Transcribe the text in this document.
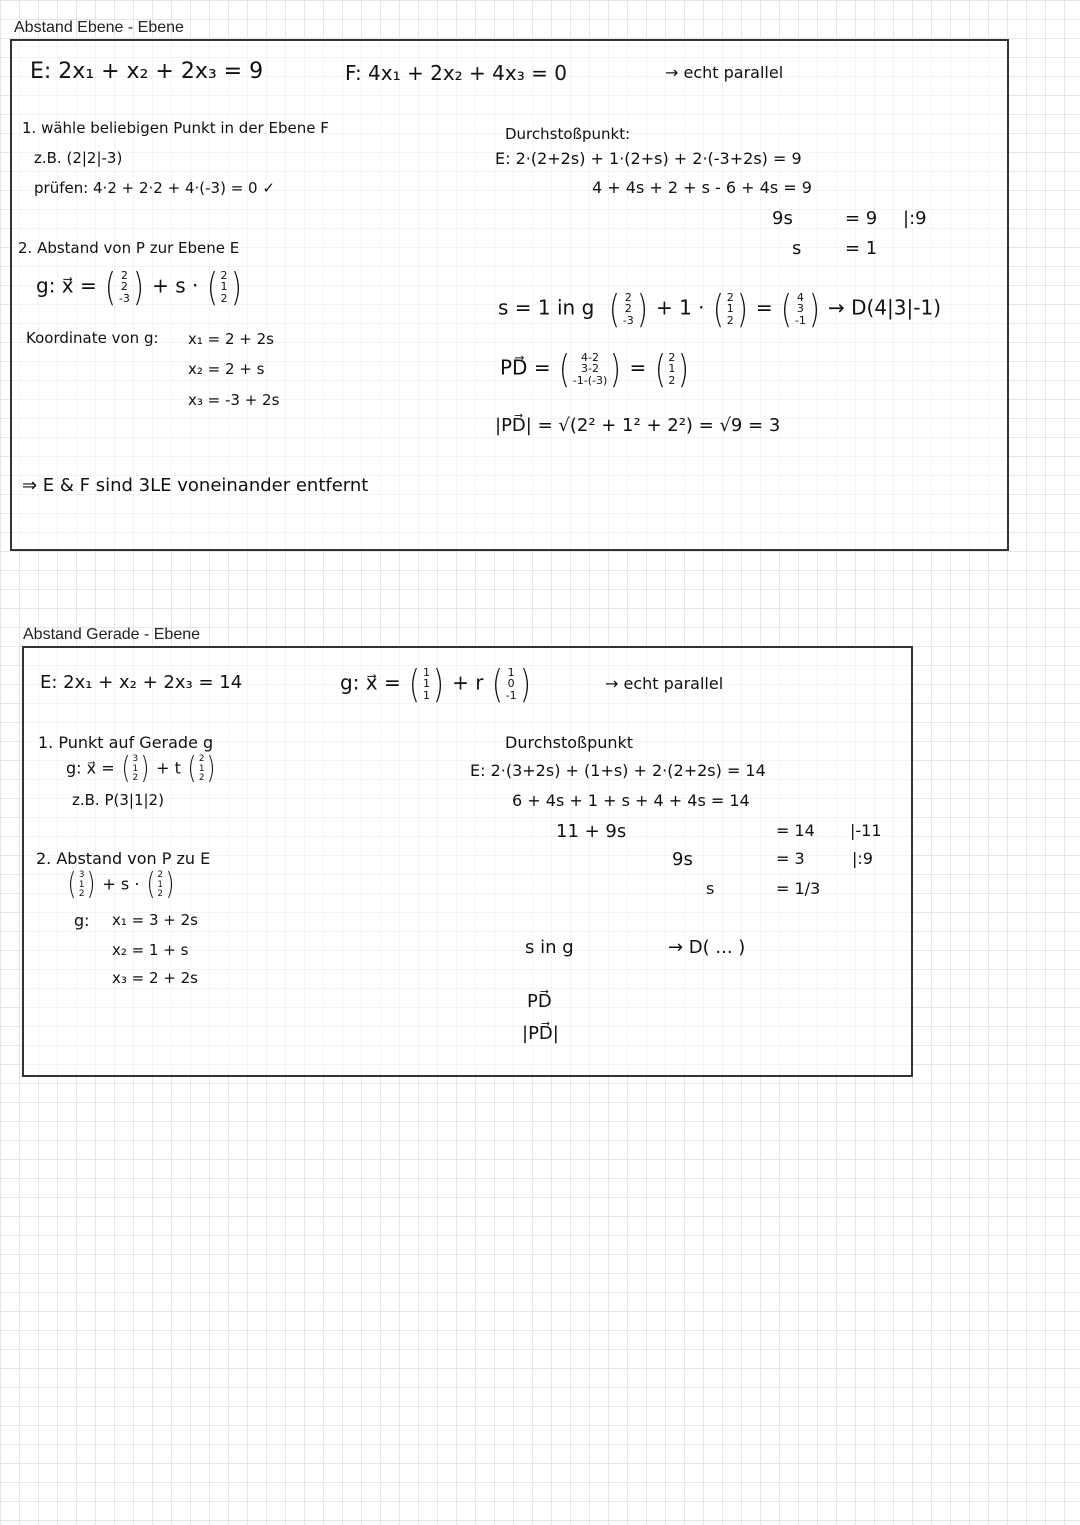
Abstand Ebene - Ebene
E: 2x₁ + x₂ + 2x₃ = 9	F: 4x₁ + 2x₂ + 4x₃ = 0	→ echt parallel
1. wähle beliebigen Punkt in der Ebene F
z.B. (2|2|-3)
prüfen: 4·2 + 2·2 + 4·(-3) = 0 ✓
2. Abstand von P zur Ebene E
g: x⃗ = ( 2
2
-3 ) + s · ( 2
1
2 )
Koordinate von g: x₁ = 2 + 2s
x₂ = 2 + s
x₃ = -3 + 2s
⇒ E & F sind 3LE voneinander entfernt
Durchstoßpunkt:
E: 2·(2+2s) + 1·(2+s) + 2·(-3+2s) = 9
4 + 4s + 2 + s - 6 + 4s = 9
9s	= 9 |:9
s = 1
s = 1 in g ( 2
2
-3 ) + 1 · ( 2
1
2 ) = ( 4
3
-1 ) → D(4|3|-1)
PD⃗ = (	4-2
3-2
-1-(-3) ) = ( 2
1
2 )
|PD⃗| = √(2² + 1² + 2²) = √9 = 3
Abstand Gerade - Ebene
E: 2x₁ + x₂ + 2x₃ = 14	g: x⃗ = ( 1
1
1 ) + r ( 1
0
-1 )	→ echt parallel
1. Punkt auf Gerade g
g: x⃗ = ( 3
1
2 ) + t ( 2
1
2 )
z.B. P(3|1|2)
2. Abstand von P zu E
( 3
1
2 ) + s · ( 2
1
2 )
g: x₁ = 3 + 2s
x₂ = 1 + s
x₃ = 2 + 2s
Durchstoßpunkt
E: 2·(3+2s) + (1+s) + 2·(2+2s) = 14
6 + 4s + 1 + s + 4 + 4s = 14
11 + 9s	= 14 |-11
9s	= 3	|:9
s	= 1/3
s in g	→ D( ... )
PD⃗
|PD⃗|
